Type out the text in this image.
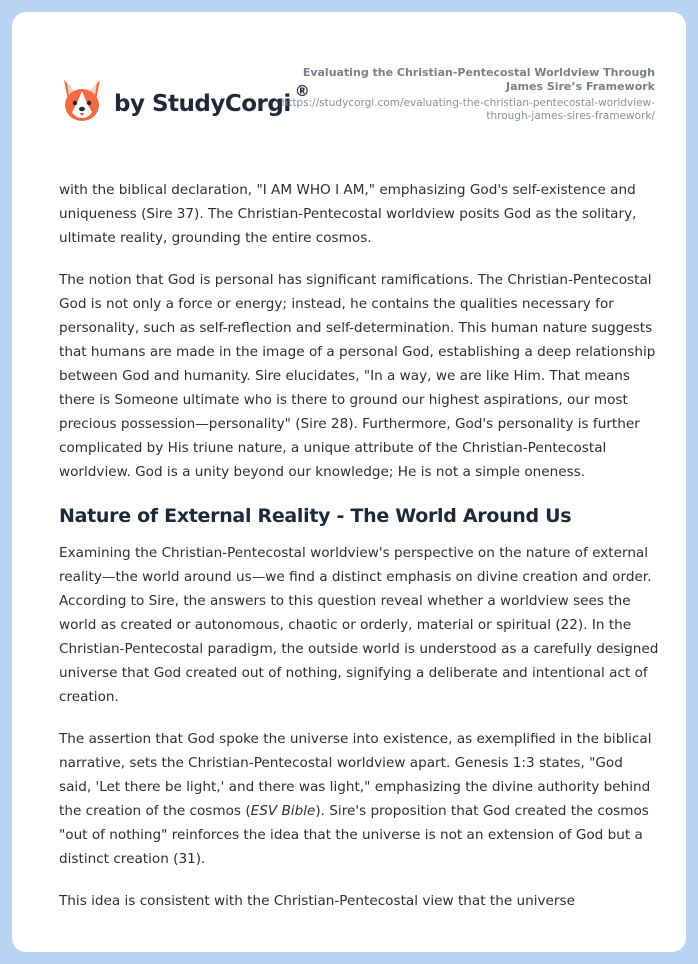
by StudyCorgi ®
Evaluating the Christian-Pentecostal Worldview Through James Sire’s Framework
https://studycorgi.com/evaluating-the-christian-pentecostal-worldview-through-james-sires-framework/

with the biblical declaration, "I AM WHO I AM," emphasizing God's self-existence and uniqueness (Sire 37). The Christian-Pentecostal worldview posits God as the solitary, ultimate reality, grounding the entire cosmos.

The notion that God is personal has significant ramifications. The Christian-Pentecostal God is not only a force or energy; instead, he contains the qualities necessary for personality, such as self-reflection and self-determination. This human nature suggests that humans are made in the image of a personal God, establishing a deep relationship between God and humanity. Sire elucidates, "In a way, we are like Him. That means there is Someone ultimate who is there to ground our highest aspirations, our most precious possession—personality" (Sire 28). Furthermore, God's personality is further complicated by His triune nature, a unique attribute of the Christian-Pentecostal worldview. God is a unity beyond our knowledge; He is not a simple oneness.

Nature of External Reality - The World Around Us

Examining the Christian-Pentecostal worldview's perspective on the nature of external reality—the world around us—we find a distinct emphasis on divine creation and order. According to Sire, the answers to this question reveal whether a worldview sees the world as created or autonomous, chaotic or orderly, material or spiritual (22). In the Christian-Pentecostal paradigm, the outside world is understood as a carefully designed universe that God created out of nothing, signifying a deliberate and intentional act of creation.

The assertion that God spoke the universe into existence, as exemplified in the biblical narrative, sets the Christian-Pentecostal worldview apart. Genesis 1:3 states, "God said, 'Let there be light,' and there was light," emphasizing the divine authority behind the creation of the cosmos (ESV Bible). Sire's proposition that God created the cosmos "out of nothing" reinforces the idea that the universe is not an extension of God but a distinct creation (31).

This idea is consistent with the Christian-Pentecostal view that the universe
